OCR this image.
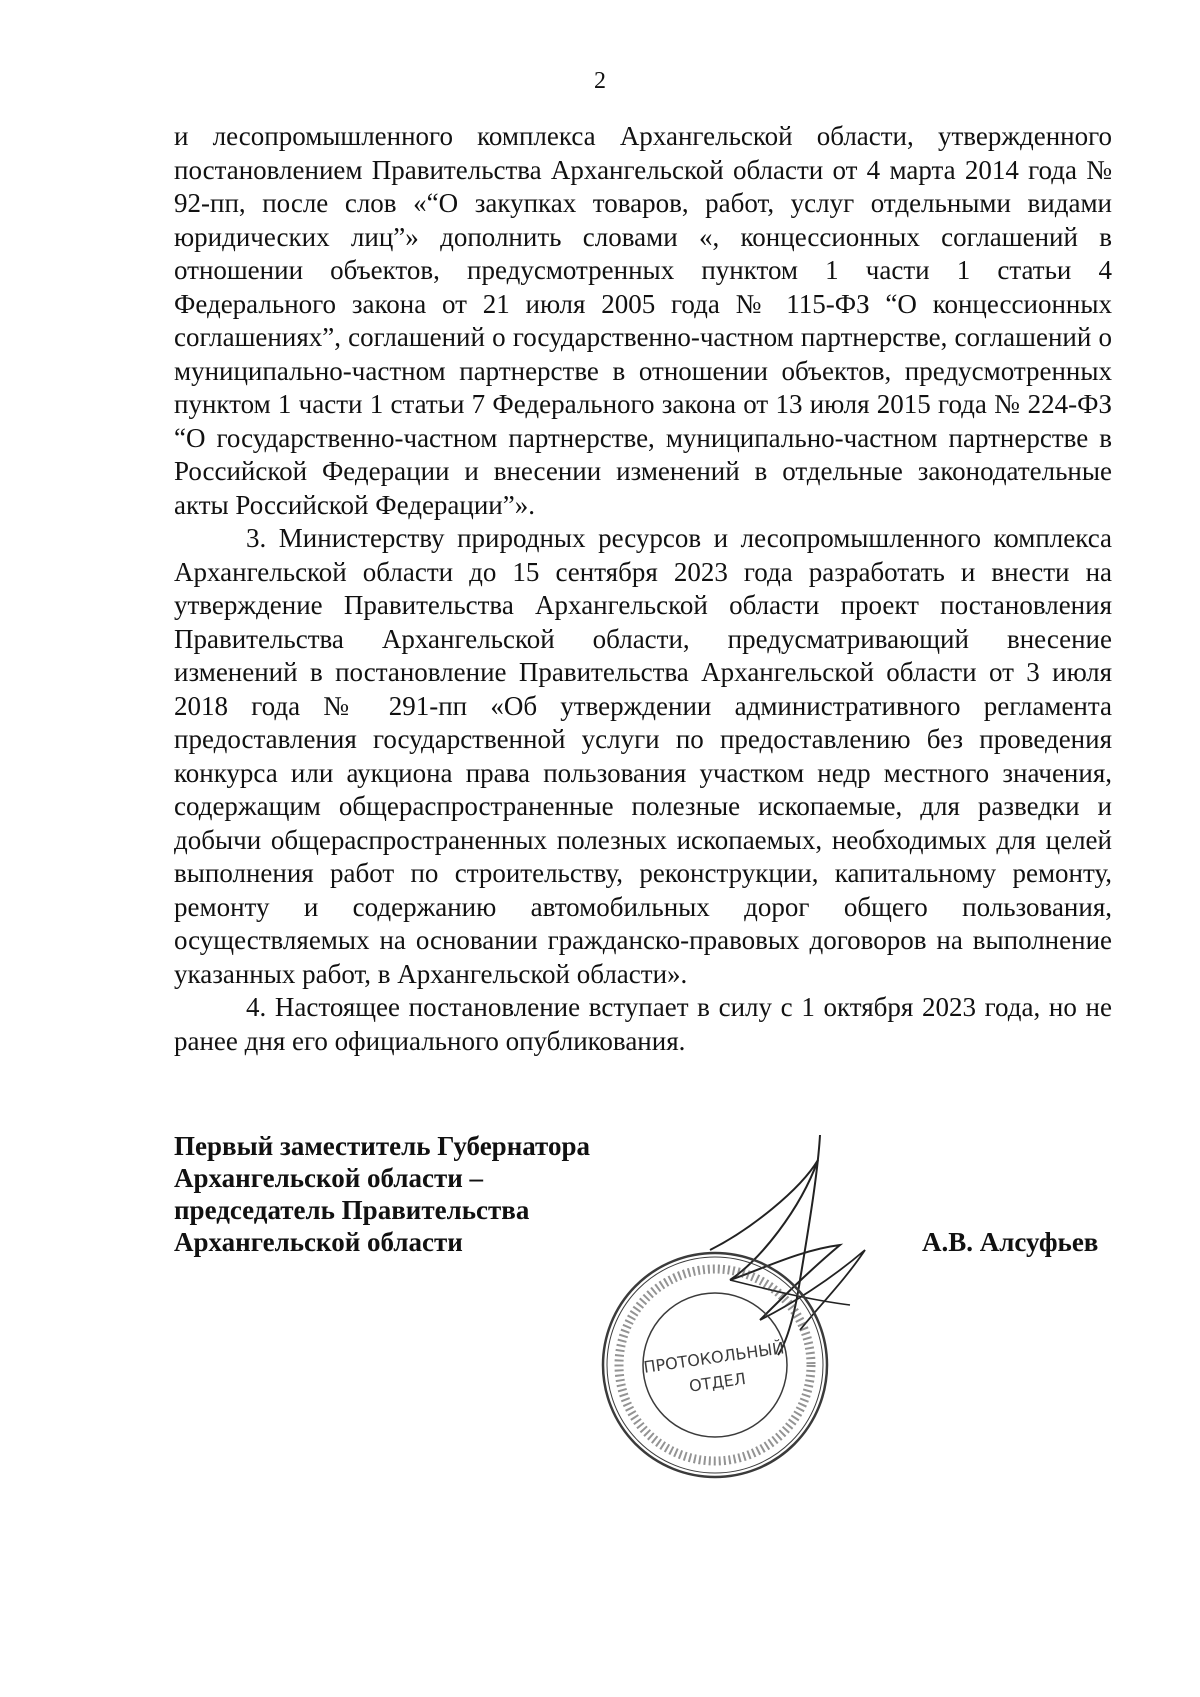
2

и лесопромышленного комплекса Архангельской области, утвержденного постановлением Правительства Архангельской области от 4 марта 2014 года № 92-пп, после слов «“О закупках товаров, работ, услуг отдельными видами юридических лиц”» дополнить словами «, концессионных соглашений в отношении объектов, предусмотренных пунктом 1 части 1 статьи 4 Федерального закона от 21 июля 2005 года № 115-ФЗ “О концессионных соглашениях”, соглашений о государственно-частном партнерстве, соглашений о муниципально-частном партнерстве в отношении объектов, предусмотренных пунктом 1 части 1 статьи 7 Федерального закона от 13 июля 2015 года № 224-ФЗ “О государственно-частном партнерстве, муниципально-частном партнерстве в Российской Федерации и внесении изменений в отдельные законодательные акты Российской Федерации”».

3. Министерству природных ресурсов и лесопромышленного комплекса Архангельской области до 15 сентября 2023 года разработать и внести на утверждение Правительства Архангельской области проект постановления Правительства Архангельской области, предусматривающий внесение изменений в постановление Правительства Архангельской области от 3 июля 2018 года № 291-пп «Об утверждении административного регламента предоставления государственной услуги по предоставлению без проведения конкурса или аукциона права пользования участком недр местного значения, содержащим общераспространенные полезные ископаемые, для разведки и добычи общераспространенных полезных ископаемых, необходимых для целей выполнения работ по строительству, реконструкции, капитальному ремонту, ремонту и содержанию автомобильных дорог общего пользования, осуществляемых на основании гражданско-правовых договоров на выполнение указанных работ, в Архангельской области».

4. Настоящее постановление вступает в силу с 1 октября 2023 года, но не ранее дня его официального опубликования.

Первый заместитель Губернатора
Архангельской области –
председатель Правительства
Архангельской области	А.В. Алсуфьев
ПРОТОКОЛЬНЫЙ
ОТДЕЛ
